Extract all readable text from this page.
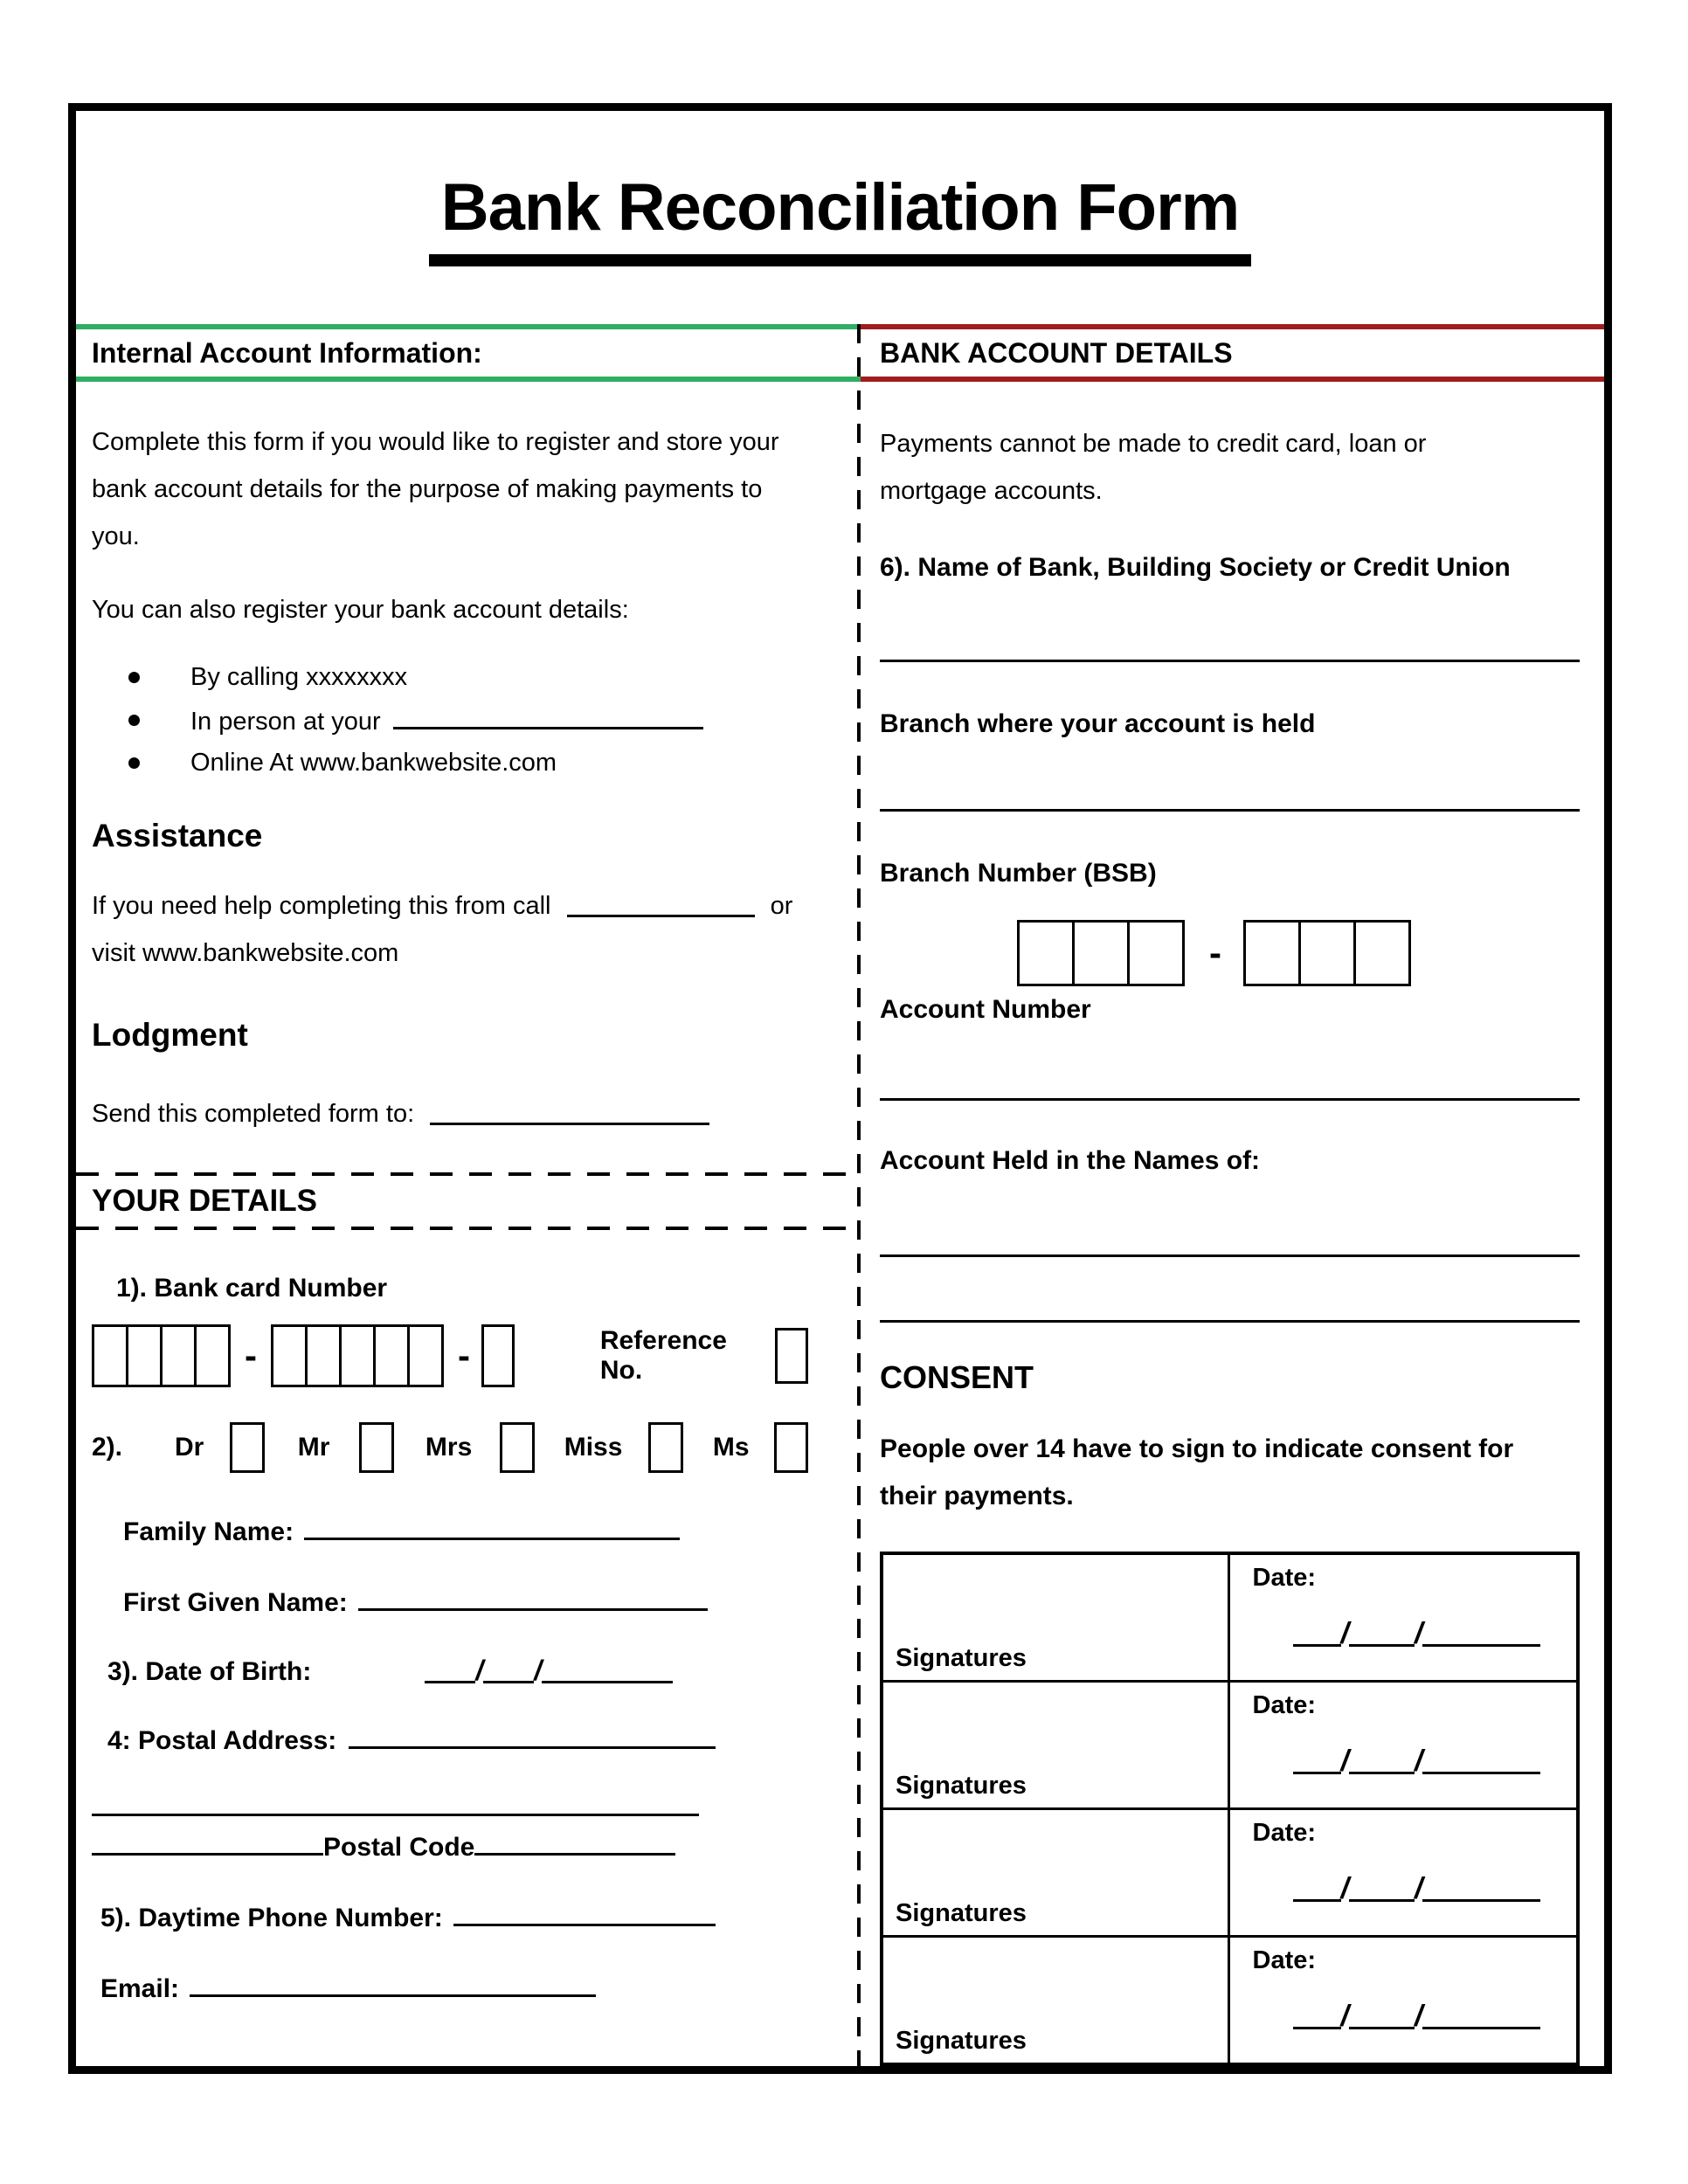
Bank Reconciliation Form
Internal Account Information:

Complete this form if you would like to register and store your bank account details for the purpose of making payments to you.

You can also register your bank account details:

By calling xxxxxxxx
In person at your
Online At www.bankwebsite.com
Assistance

If you need help completing this from call	or
visit www.bankwebsite.com

Lodgment

Send this completed form to:

YOUR DETAILS
1). Bank card Number
-	-	Reference No.
2). Dr	Mr	Mrs	Miss	Ms
Family Name:
First Given Name:
3). Date of Birth:	/ /
4: Postal Address:
Postal Code
5). Daytime Phone Number:
Email:
BANK ACCOUNT DETAILS

Payments cannot be made to credit card, loan or mortgage accounts.

6). Name of Bank, Building Society or Credit Union
Branch where your account is held
Branch Number (BSB)
-
Account Number
Account Held in the Names of:
CONSENT

People over 14 have to sign to indicate consent for their payments.

Signatures
Date:
/ /
Signatures
Date:
/ /
Signatures
Date:
/ /
Signatures
Date:
/ /
